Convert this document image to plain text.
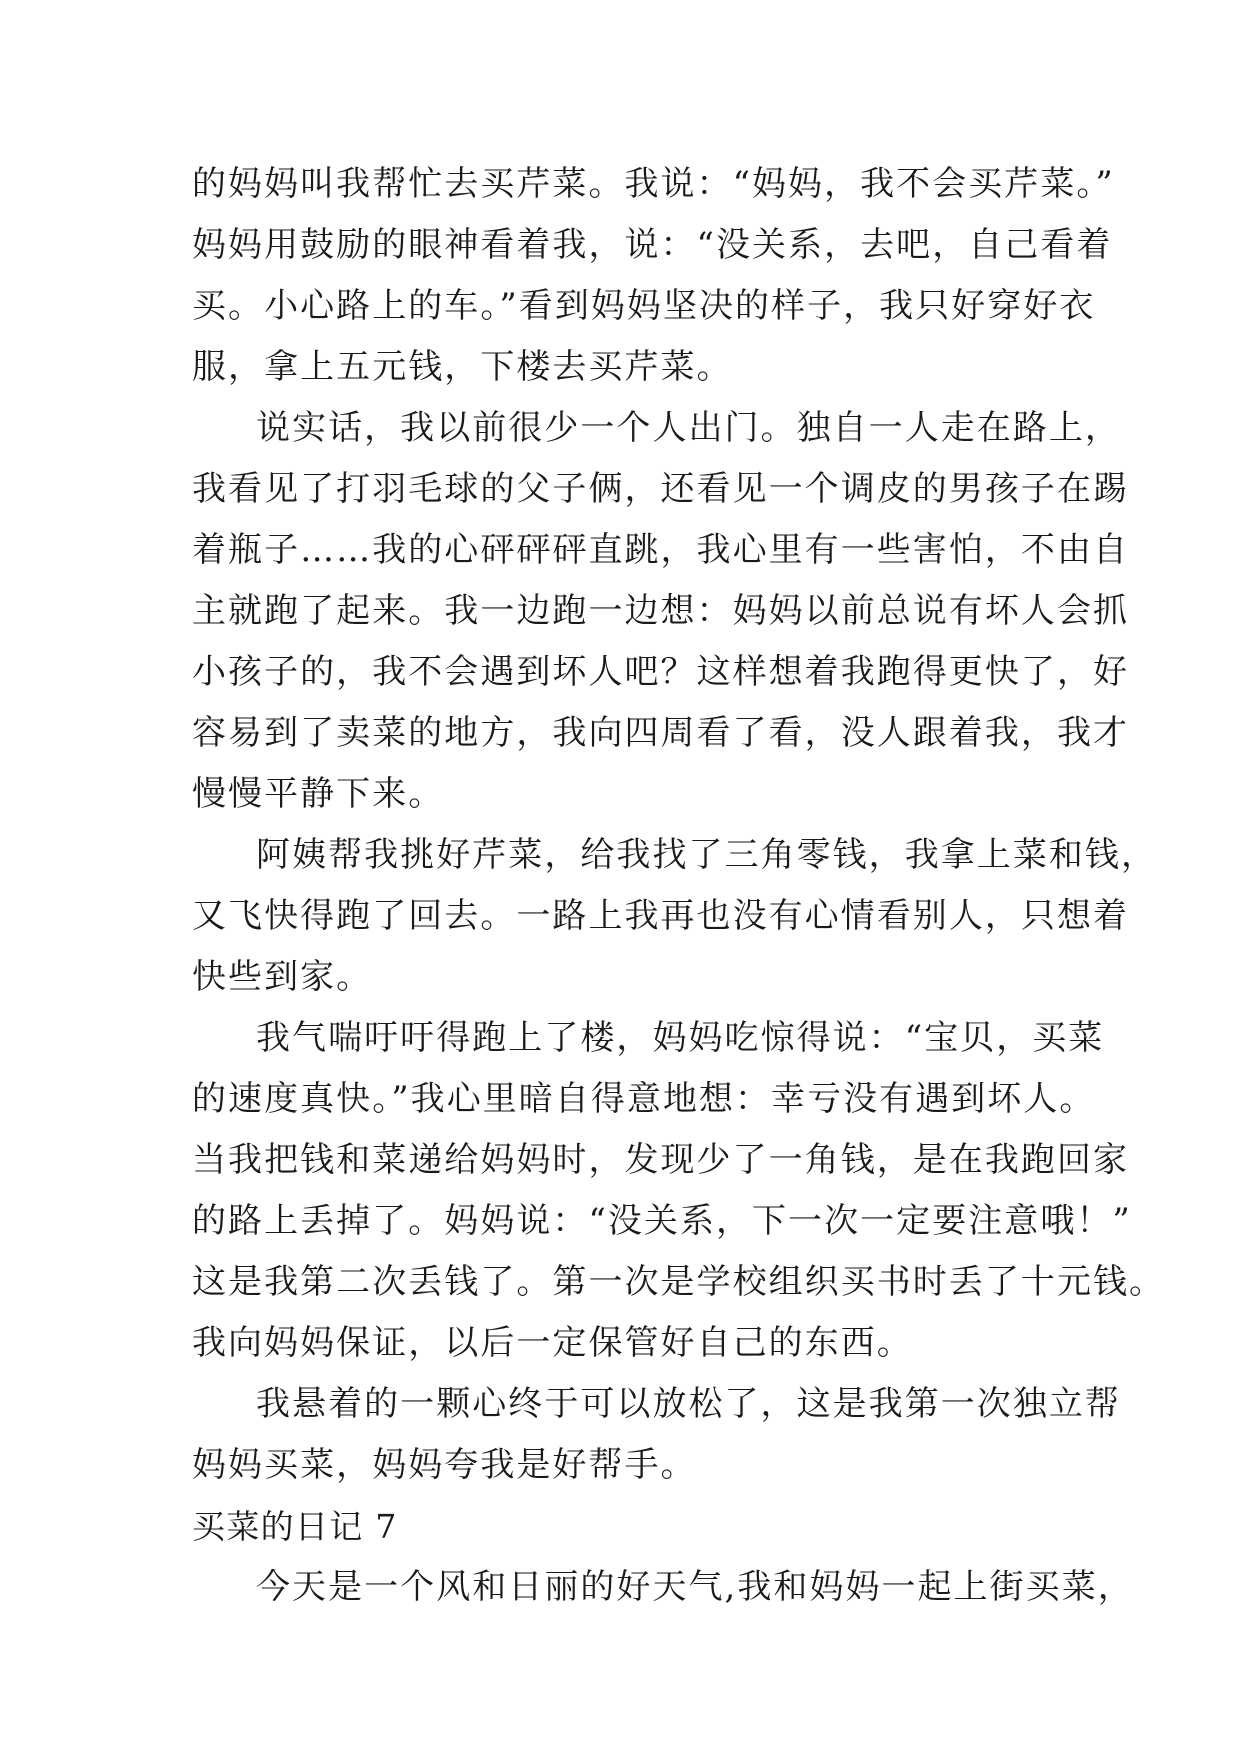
的妈妈叫我帮忙去买芹菜。我说：“妈妈，我不会买芹菜。”
妈妈用鼓励的眼神看着我，说：“没关系，去吧，自己看着
买。小心路上的车。”看到妈妈坚决的样子，我只好穿好衣
服，拿上五元钱，下楼去买芹菜。
说实话，我以前很少一个人出门。独自一人走在路上，
我看见了打羽毛球的父子俩，还看见一个调皮的男孩子在踢
着瓶子……我的心砰砰砰直跳，我心里有一些害怕，不由自
主就跑了起来。我一边跑一边想：妈妈以前总说有坏人会抓
小孩子的，我不会遇到坏人吧？这样想着我跑得更快了，好
容易到了卖菜的地方，我向四周看了看，没人跟着我，我才
慢慢平静下来。
阿姨帮我挑好芹菜，给我找了三角零钱，我拿上菜和钱，
又飞快得跑了回去。一路上我再也没有心情看别人，只想着
快些到家。
我气喘吁吁得跑上了楼，妈妈吃惊得说：“宝贝，买菜
的速度真快。”我心里暗自得意地想：幸亏没有遇到坏人。
当我把钱和菜递给妈妈时，发现少了一角钱，是在我跑回家
的路上丢掉了。妈妈说：“没关系，下一次一定要注意哦！”
这是我第二次丢钱了。第一次是学校组织买书时丢了十元钱。
我向妈妈保证，以后一定保管好自己的东西。
我悬着的一颗心终于可以放松了，这是我第一次独立帮
妈妈买菜，妈妈夸我是好帮手。
买菜的日记 7
今天是一个风和日丽的好天气,我和妈妈一起上街买菜，
